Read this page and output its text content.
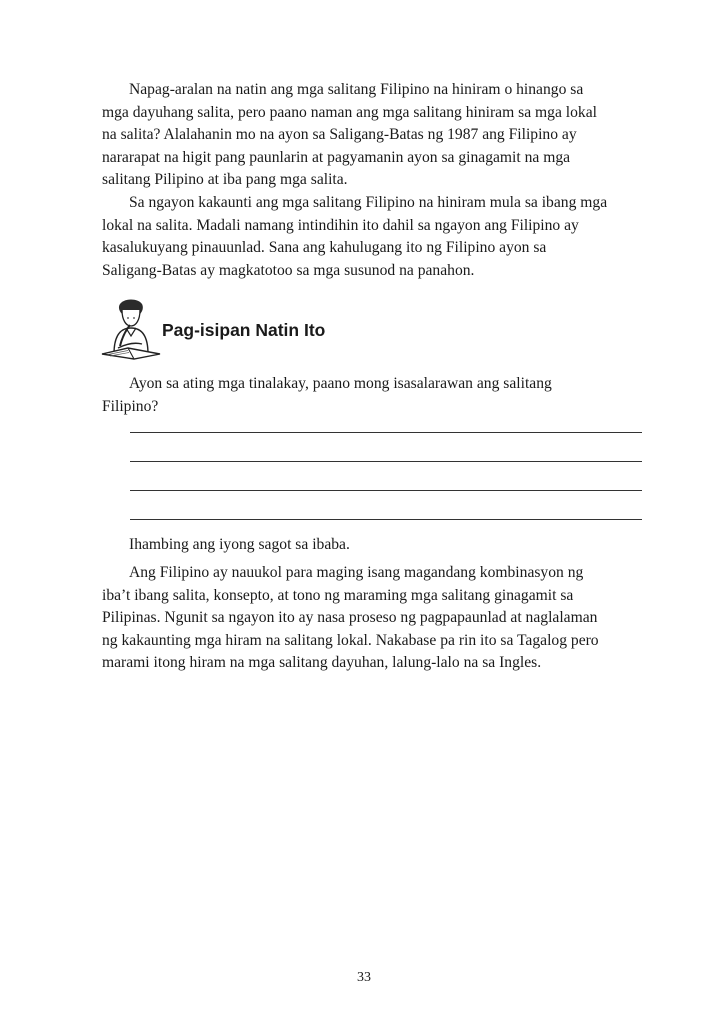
Napag-aralan na natin ang mga salitang Filipino na hiniram o hinango sa
mga dayuhang salita, pero paano naman ang mga salitang hiniram sa mga lokal
na salita? Alalahanin mo na ayon sa Saligang-Batas ng 1987 ang Filipino ay
nararapat na higit pang paunlarin at pagyamanin ayon sa ginagamit na mga
salitang Pilipino at iba pang mga salita.

Sa ngayon kakaunti ang mga salitang Filipino na hiniram mula sa ibang mga
lokal na salita. Madali namang intindihin ito dahil sa ngayon ang Filipino ay
kasalukuyang pinauunlad. Sana ang kahulugang ito ng Filipino ayon sa
Saligang-Batas ay magkatotoo sa mga susunod na panahon.

Pag-isipan Natin Ito

Ayon sa ating mga tinalakay, paano mong isasalarawan ang salitang
Filipino?

Ihambing ang iyong sagot sa ibaba.

Ang Filipino ay nauukol para maging isang magandang kombinasyon ng
iba’t ibang salita, konsepto, at tono ng maraming mga salitang ginagamit sa
Pilipinas. Ngunit sa ngayon ito ay nasa proseso ng pagpapaunlad at naglalaman
ng kakaunting mga hiram na salitang lokal. Nakabase pa rin ito sa Tagalog pero
marami itong hiram na mga salitang dayuhan, lalung-lalo na sa Ingles.

33
